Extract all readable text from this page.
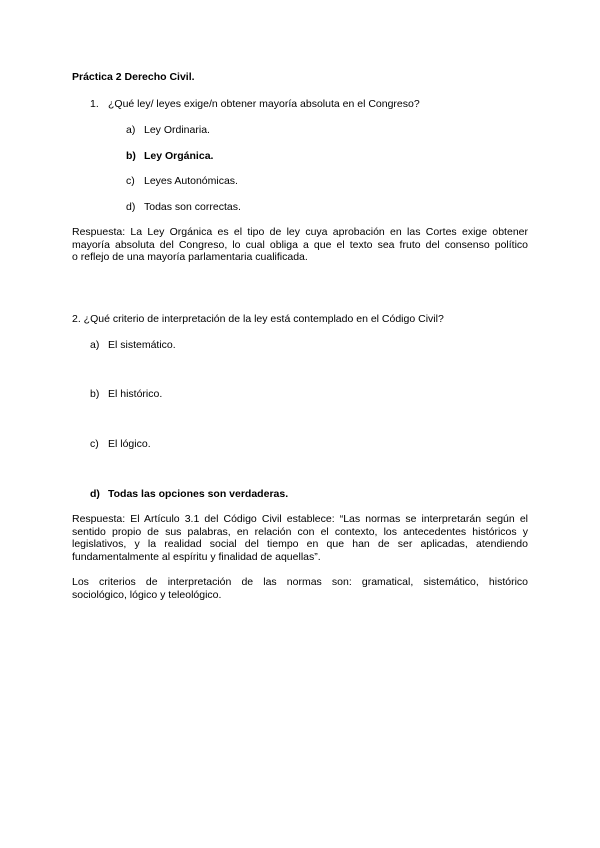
Práctica 2 Derecho Civil.
1. ¿Qué ley/ leyes exige/n obtener mayoría absoluta en el Congreso?
a) Ley Ordinaria.
b) Ley Orgánica.
c) Leyes Autonómicas.
d) Todas son correctas.
Respuesta: La Ley Orgánica es el tipo de ley cuya aprobación en las Cortes exige obtener
mayoría absoluta del Congreso, lo cual obliga a que el texto sea fruto del consenso político
o reflejo de una mayoría parlamentaria cualificada.
2. ¿Qué criterio de interpretación de la ley está contemplado en el Código Civil?
a) El sistemático.
b) El histórico.
c) El lógico.
d) Todas las opciones son verdaderas.
Respuesta: El Artículo 3.1 del Código Civil establece: “Las normas se interpretarán según el
sentido propio de sus palabras, en relación con el contexto, los antecedentes históricos y
legislativos, y la realidad social del tiempo en que han de ser aplicadas, atendiendo
fundamentalmente al espíritu y finalidad de aquellas”.
Los criterios de interpretación de las normas son: gramatical, sistemático, histórico
sociológico, lógico y teleológico.
